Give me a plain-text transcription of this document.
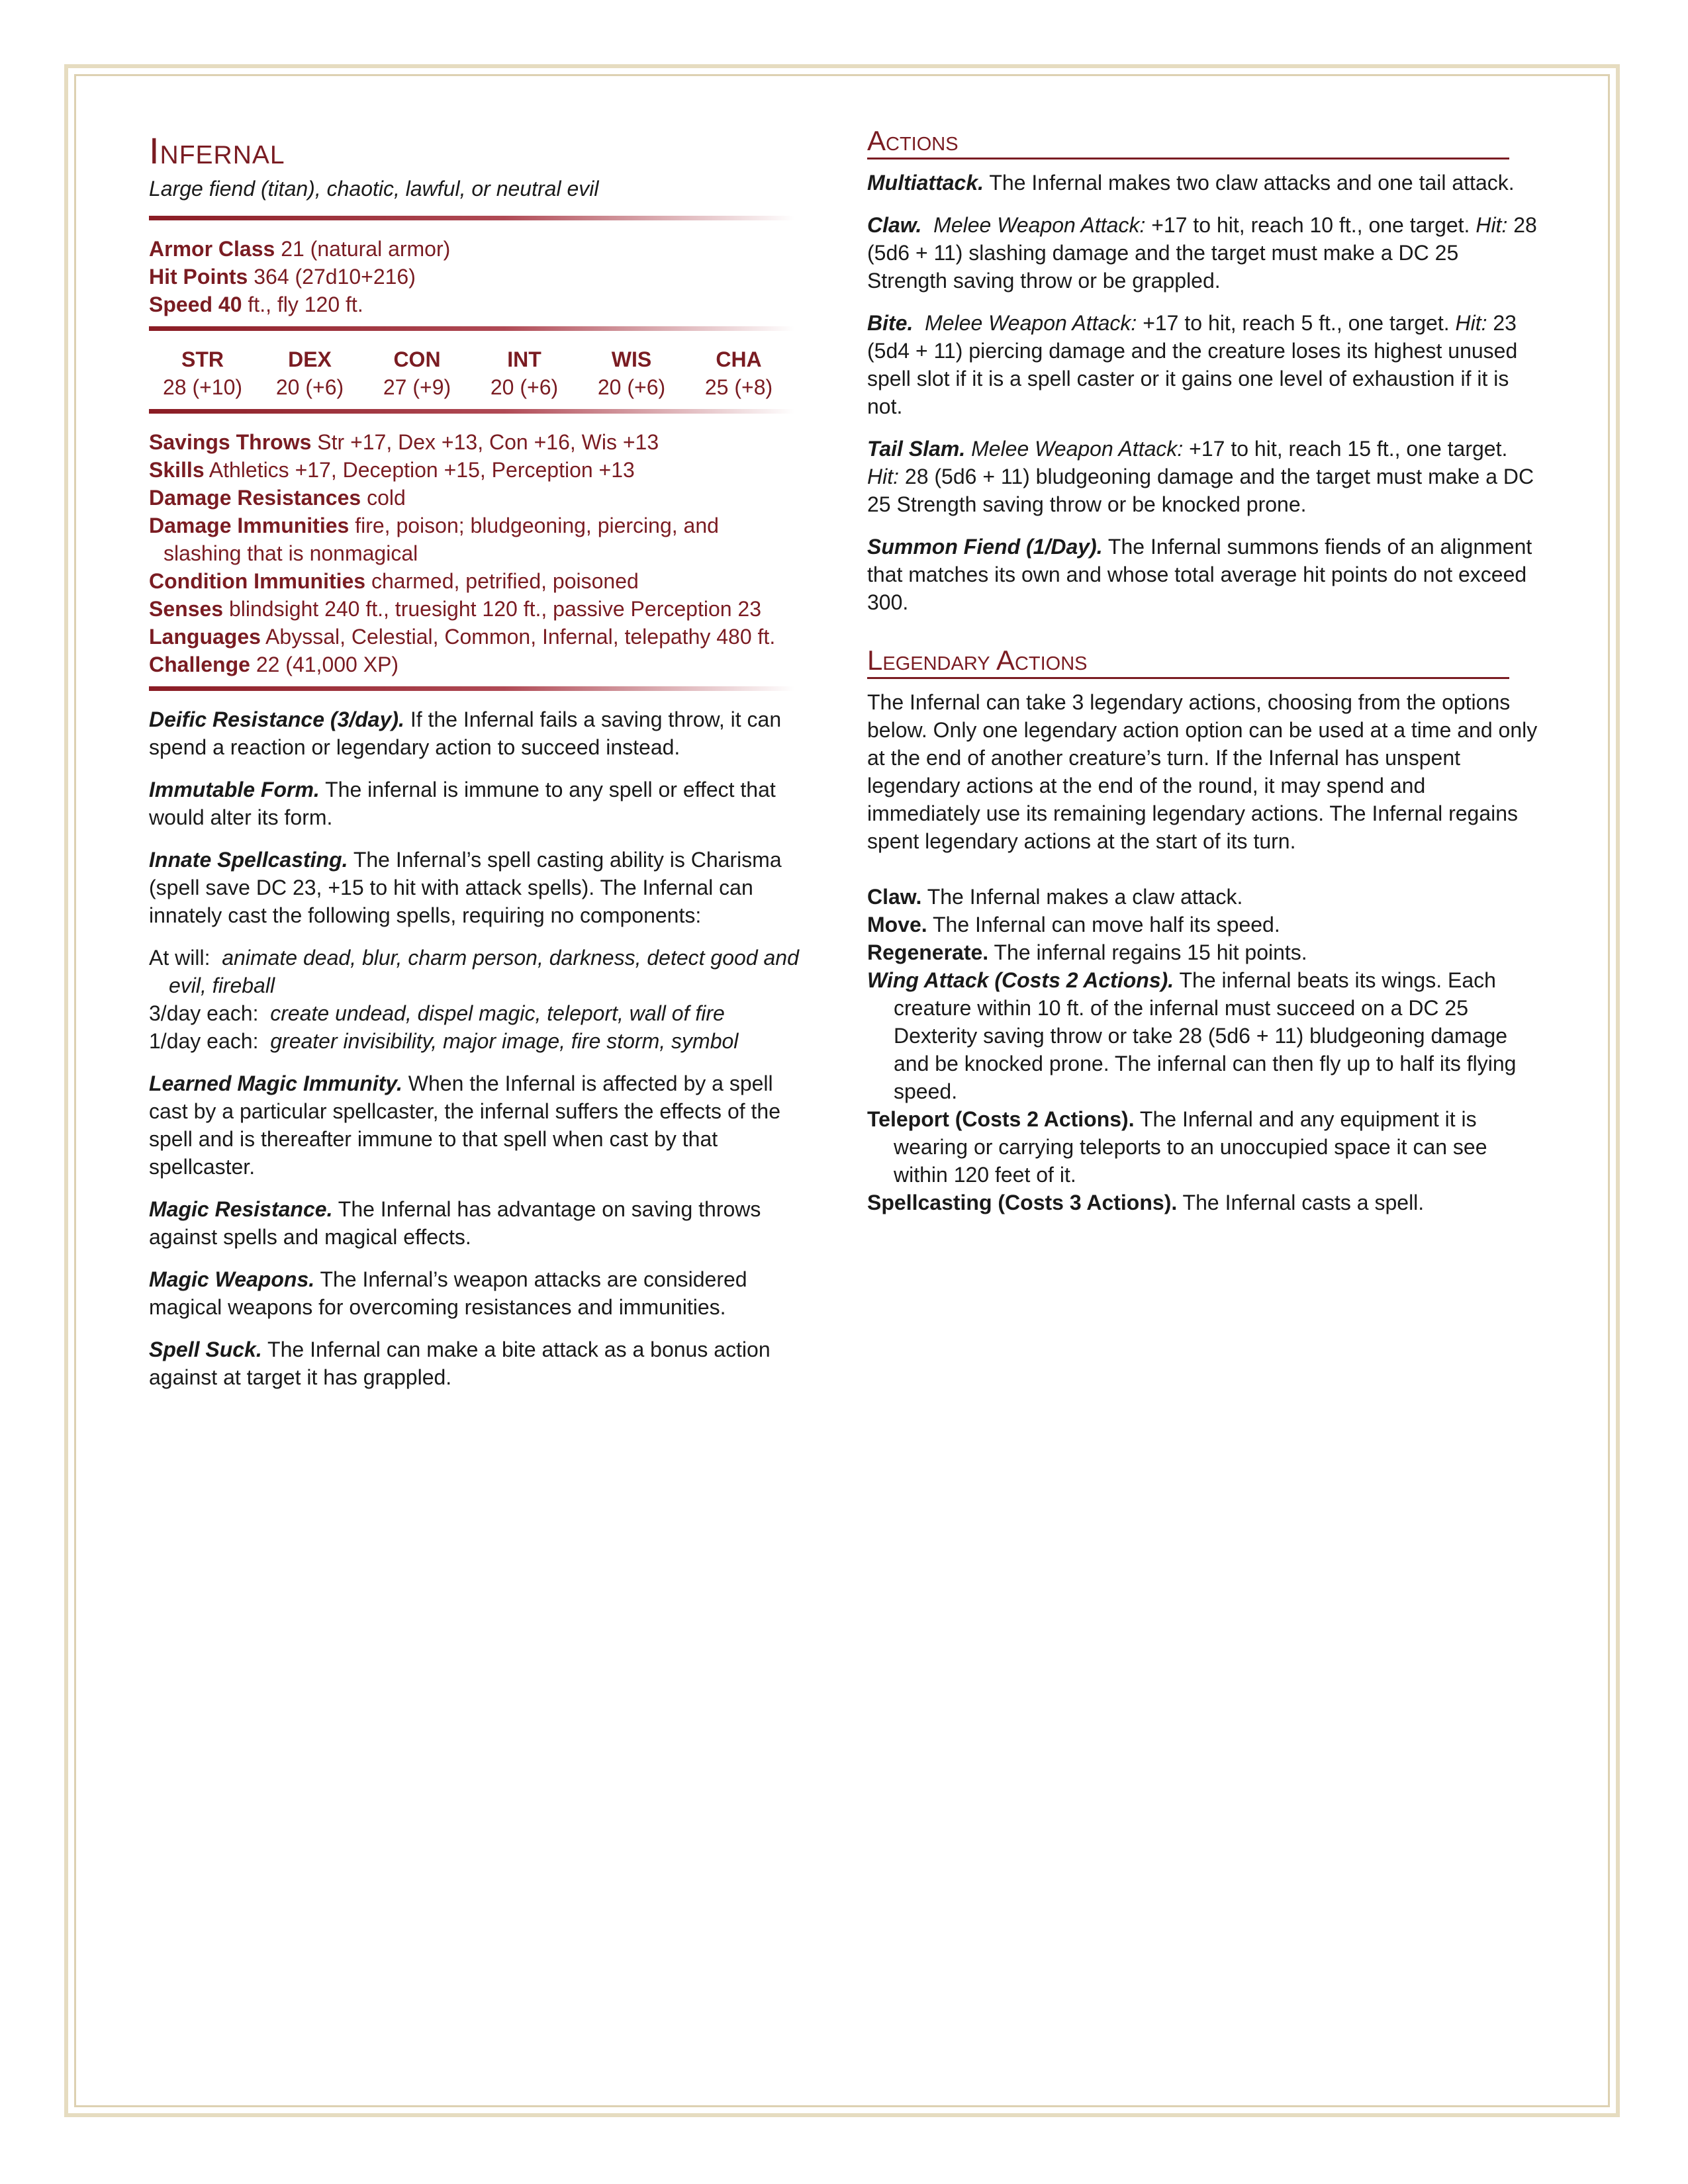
Infernal
Large fiend (titan), chaotic, lawful, or neutral evil
Armor Class 21 (natural armor)
Hit Points 364 (27d10+216)
Speed 40 ft., fly 120 ft.
STR	DEX	CON	INT	WIS	CHA
28 (+10)	20 (+6)	27 (+9)	20 (+6)	20 (+6)	25 (+8)
Savings Throws Str +17, Dex +13, Con +16, Wis +13
Skills Athletics +17, Deception +15, Perception +13
Damage Resistances cold
Damage Immunities fire, poison; bludgeoning, piercing, and slashing that is nonmagical
Condition Immunities charmed, petrified, poisoned
Senses blindsight 240 ft., truesight 120 ft., passive Perception 23
Languages Abyssal, Celestial, Common, Infernal, telepathy 480 ft.
Challenge 22 (41,000 XP)
Deific Resistance (3/day). If the Infernal fails a saving throw, it can spend a reaction or legendary action to succeed instead.
Immutable Form. The infernal is immune to any spell or effect that would alter its form.
Innate Spellcasting. The Infernal’s spell casting ability is Charisma (spell save DC 23, +15 to hit with attack spells). The Infernal can innately cast the following spells, requiring no components:
At will: animate dead, blur, charm person, darkness, detect good and evil, fireball
3/day each: create undead, dispel magic, teleport, wall of fire
1/day each: greater invisibility, major image, fire storm, symbol
Learned Magic Immunity. When the Infernal is affected by a spell cast by a particular spellcaster, the infernal suffers the effects of the spell and is thereafter immune to that spell when cast by that spellcaster.
Magic Resistance. The Infernal has advantage on saving throws against spells and magical effects.
Magic Weapons. The Infernal’s weapon attacks are considered magical weapons for overcoming resistances and immunities.
Spell Suck. The Infernal can make a bite attack as a bonus action against at target it has grappled.
Actions
Multiattack. The Infernal makes two claw attacks and one tail attack.
Claw. Melee Weapon Attack: +17 to hit, reach 10 ft., one target. Hit: 28 (5d6 + 11) slashing damage and the target must make a DC 25 Strength saving throw or be grappled.
Bite. Melee Weapon Attack: +17 to hit, reach 5 ft., one target. Hit: 23 (5d4 + 11) piercing damage and the creature loses its highest unused spell slot if it is a spell caster or it gains one level of exhaustion if it is not.
Tail Slam. Melee Weapon Attack: +17 to hit, reach 15 ft., one target. Hit: 28 (5d6 + 11) bludgeoning damage and the target must make a DC 25 Strength saving throw or be knocked prone.
Summon Fiend (1/Day). The Infernal summons fiends of an alignment that matches its own and whose total average hit points do not exceed 300.
Legendary Actions
The Infernal can take 3 legendary actions, choosing from the options below. Only one legendary action option can be used at a time and only at the end of another creature’s turn. If the Infernal has unspent legendary actions at the end of the round, it may spend and immediately use its remaining legendary actions. The Infernal regains spent legendary actions at the start of its turn.
Claw. The Infernal makes a claw attack.
Move. The Infernal can move half its speed.
Regenerate. The infernal regains 15 hit points.
Wing Attack (Costs 2 Actions). The infernal beats its wings. Each creature within 10 ft. of the infernal must succeed on a DC 25 Dexterity saving throw or take 28 (5d6 + 11) bludgeoning damage and be knocked prone. The infernal can then fly up to half its flying speed.
Teleport (Costs 2 Actions). The Infernal and any equipment it is wearing or carrying teleports to an unoccupied space it can see within 120 feet of it.
Spellcasting (Costs 3 Actions). The Infernal casts a spell.
